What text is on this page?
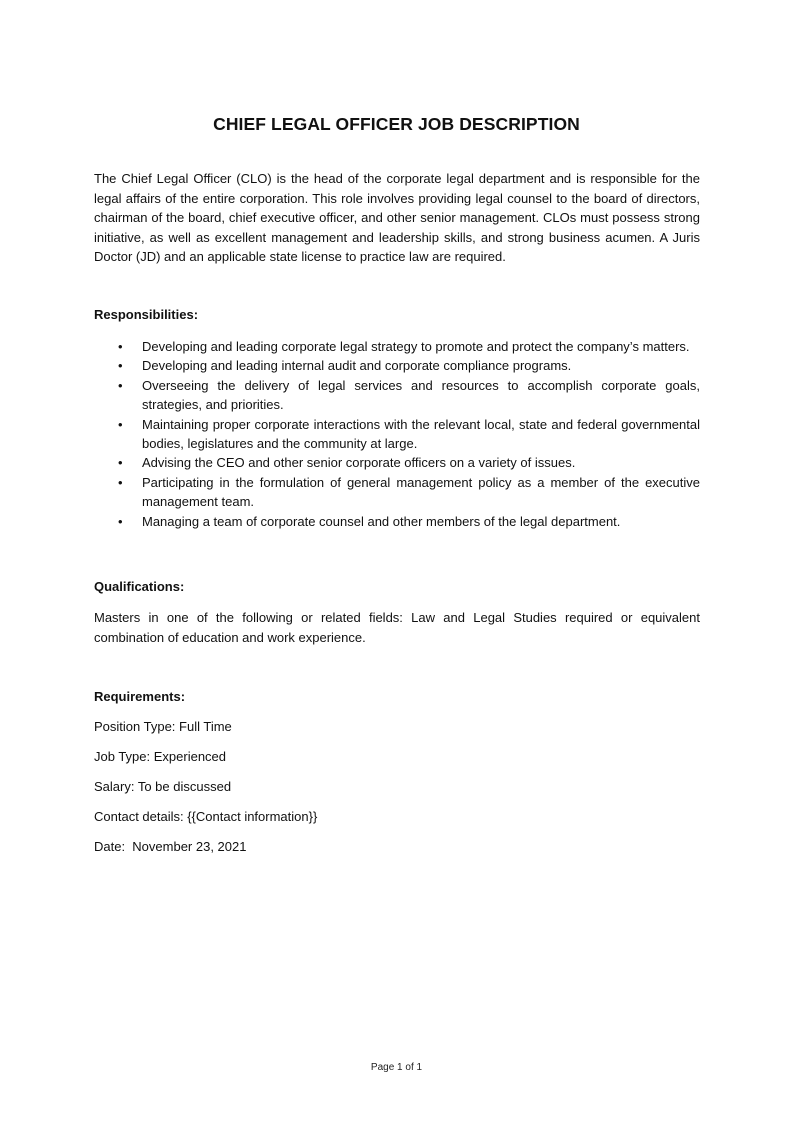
CHIEF LEGAL OFFICER JOB DESCRIPTION
The Chief Legal Officer (CLO) is the head of the corporate legal department and is responsible for the legal affairs of the entire corporation. This role involves providing legal counsel to the board of directors, chairman of the board, chief executive officer, and other senior management. CLOs must possess strong initiative, as well as excellent management and leadership skills, and strong business acumen. A Juris Doctor (JD) and an applicable state license to practice law are required.
Responsibilities:
• Developing and leading corporate legal strategy to promote and protect the company’s matters.
• Developing and leading internal audit and corporate compliance programs.
• Overseeing the delivery of legal services and resources to accomplish corporate goals, strategies, and priorities.
• Maintaining proper corporate interactions with the relevant local, state and federal governmental bodies, legislatures and the community at large.
• Advising the CEO and other senior corporate officers on a variety of issues.
• Participating in the formulation of general management policy as a member of the executive management team.
• Managing a team of corporate counsel and other members of the legal department.
Qualifications:
Masters in one of the following or related fields: Law and Legal Studies required or equivalent combination of education and work experience.
Requirements:
Position Type: Full Time
Job Type: Experienced
Salary: To be discussed
Contact details: {{Contact information}}
Date:  November 23, 2021
Page 1 of 1
